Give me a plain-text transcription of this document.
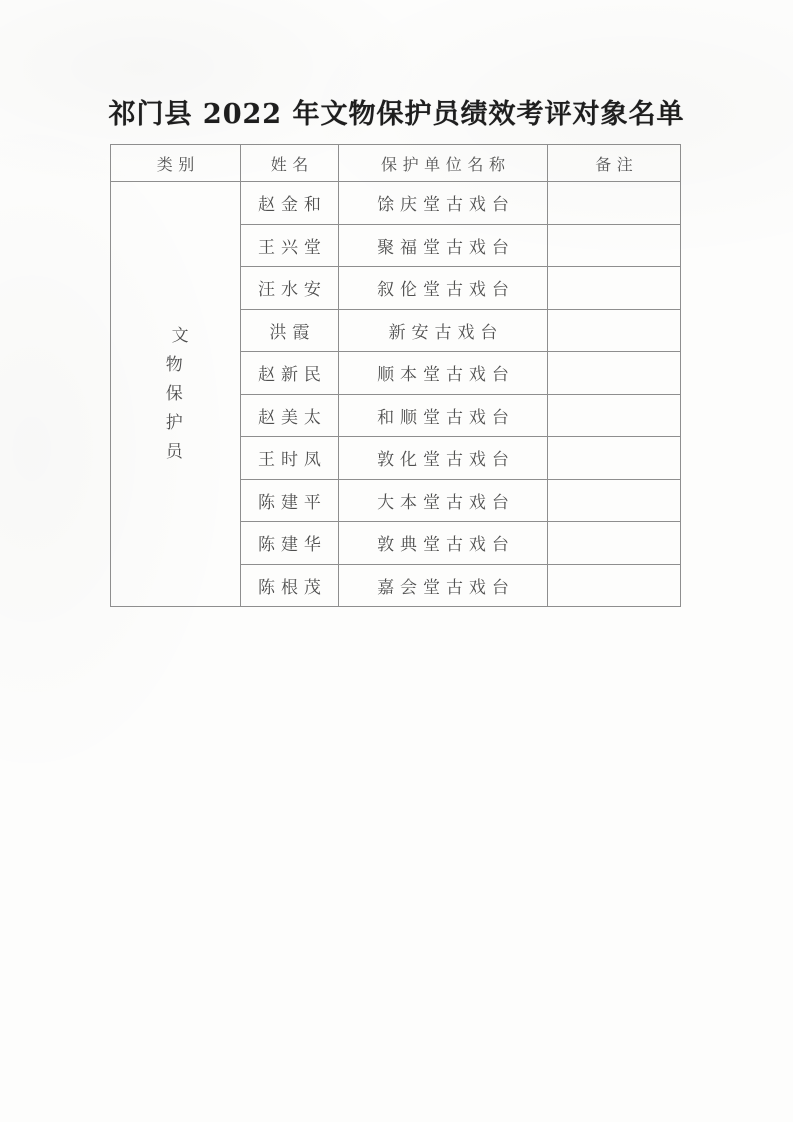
祁门县 2022 年文物保护员绩效考评对象名单
类别	姓名	保护单位名称	备注

文物保护员	赵金和	馀庆堂古戏台	
	王兴堂	聚福堂古戏台	
	汪水安	叙伦堂古戏台	
	洪霞	新安古戏台	
	赵新民	顺本堂古戏台	
	赵美太	和顺堂古戏台	
	王时凤	敦化堂古戏台	
	陈建平	大本堂古戏台	
	陈建华	敦典堂古戏台	
	陈根茂	嘉会堂古戏台	
